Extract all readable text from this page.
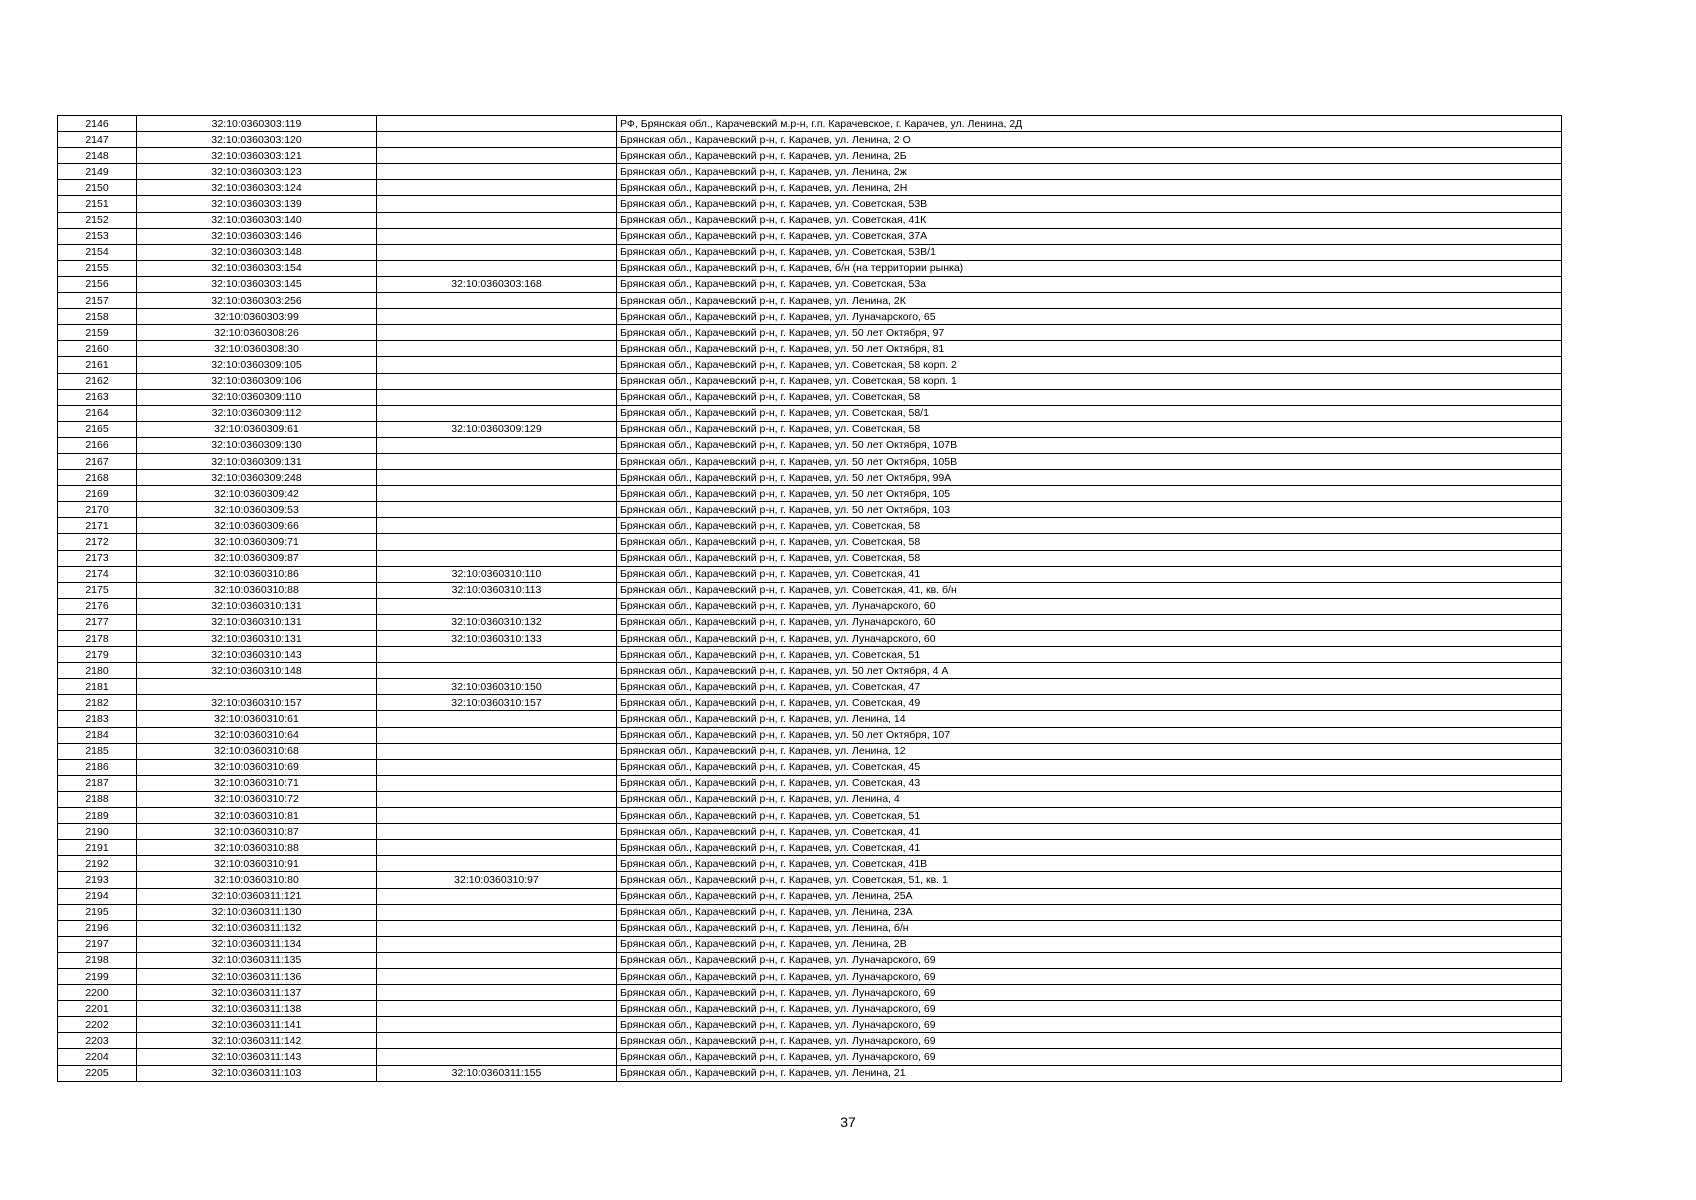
2146	32:10:0360303:119		РФ, Брянская обл., Карачевский м.р-н, г.п. Карачевское, г. Карачев, ул. Ленина, 2Д
2147	32:10:0360303:120		Брянская обл., Карачевский р-н, г. Карачев, ул. Ленина, 2 О
2148	32:10:0360303:121		Брянская обл., Карачевский р-н, г. Карачев, ул. Ленина, 2Б
2149	32:10:0360303:123		Брянская обл., Карачевский р-н, г. Карачев, ул. Ленина, 2ж
2150	32:10:0360303:124		Брянская обл., Карачевский р-н, г. Карачев, ул. Ленина, 2Н
2151	32:10:0360303:139		Брянская обл., Карачевский р-н, г. Карачев, ул. Советская, 53В
2152	32:10:0360303:140		Брянская обл., Карачевский р-н, г. Карачев, ул. Советская, 41К
2153	32:10:0360303:146		Брянская обл., Карачевский р-н, г. Карачев, ул. Советская, 37А
2154	32:10:0360303:148		Брянская обл., Карачевский р-н, г. Карачев, ул. Советская, 53В/1
2155	32:10:0360303:154		Брянская обл., Карачевский р-н, г. Карачев, б/н (на территории рынка)
2156	32:10:0360303:145	32:10:0360303:168	Брянская обл., Карачевский р-н, г. Карачев, ул. Советская, 53а
2157	32:10:0360303:256		Брянская обл., Карачевский р-н, г. Карачев, ул. Ленина, 2К
2158	32:10:0360303:99		Брянская обл., Карачевский р-н, г. Карачев, ул. Луначарского, 65
2159	32:10:0360308:26		Брянская обл., Карачевский р-н, г. Карачев, ул. 50 лет Октября, 97
2160	32:10:0360308:30		Брянская обл., Карачевский р-н, г. Карачев, ул. 50 лет Октября, 81
2161	32:10:0360309:105		Брянская обл., Карачевский р-н, г. Карачев, ул. Советская, 58 корп. 2
2162	32:10:0360309:106		Брянская обл., Карачевский р-н, г. Карачев, ул. Советская, 58 корп. 1
2163	32:10:0360309:110		Брянская обл., Карачевский р-н, г. Карачев, ул. Советская, 58
2164	32:10:0360309:112		Брянская обл., Карачевский р-н, г. Карачев, ул. Советская, 58/1
2165	32:10:0360309:61	32:10:0360309:129	Брянская обл., Карачевский р-н, г. Карачев, ул. Советская, 58
2166	32:10:0360309:130		Брянская обл., Карачевский р-н, г. Карачев, ул. 50 лет Октября, 107В
2167	32:10:0360309:131		Брянская обл., Карачевский р-н, г. Карачев, ул. 50 лет Октября, 105В
2168	32:10:0360309:248		Брянская обл., Карачевский р-н, г. Карачев, ул. 50 лет Октября, 99А
2169	32:10:0360309:42		Брянская обл., Карачевский р-н, г. Карачев, ул. 50 лет Октября, 105
2170	32:10:0360309:53		Брянская обл., Карачевский р-н, г. Карачев, ул. 50 лет Октября, 103
2171	32:10:0360309:66		Брянская обл., Карачевский р-н, г. Карачев, ул. Советская, 58
2172	32:10:0360309:71		Брянская обл., Карачевский р-н, г. Карачев, ул. Советская, 58
2173	32:10:0360309:87		Брянская обл., Карачевский р-н, г. Карачев, ул. Советская, 58
2174	32:10:0360310:86	32:10:0360310:110	Брянская обл., Карачевский р-н, г. Карачев, ул. Советская, 41
2175	32:10:0360310:88	32:10:0360310:113	Брянская обл., Карачевский р-н, г. Карачев, ул. Советская, 41, кв. б/н
2176	32:10:0360310:131		Брянская обл., Карачевский р-н, г. Карачев, ул. Луначарского, 60
2177	32:10:0360310:131	32:10:0360310:132	Брянская обл., Карачевский р-н, г. Карачев, ул. Луначарского, 60
2178	32:10:0360310:131	32:10:0360310:133	Брянская обл., Карачевский р-н, г. Карачев, ул. Луначарского, 60
2179	32:10:0360310:143		Брянская обл., Карачевский р-н, г. Карачев, ул. Советская, 51
2180	32:10:0360310:148		Брянская обл., Карачевский р-н, г. Карачев, ул. 50 лет Октября, 4 А
2181		32:10:0360310:150	Брянская обл., Карачевский р-н, г. Карачев, ул. Советская, 47
2182	32:10:0360310:157	32:10:0360310:157	Брянская обл., Карачевский р-н, г. Карачев, ул. Советская, 49
2183	32:10:0360310:61		Брянская обл., Карачевский р-н, г. Карачев, ул. Ленина, 14
2184	32:10:0360310:64		Брянская обл., Карачевский р-н, г. Карачев, ул. 50 лет Октября, 107
2185	32:10:0360310:68		Брянская обл., Карачевский р-н, г. Карачев, ул. Ленина, 12
2186	32:10:0360310:69		Брянская обл., Карачевский р-н, г. Карачев, ул. Советская, 45
2187	32:10:0360310:71		Брянская обл., Карачевский р-н, г. Карачев, ул. Советская, 43
2188	32:10:0360310:72		Брянская обл., Карачевский р-н, г. Карачев, ул. Ленина, 4
2189	32:10:0360310:81		Брянская обл., Карачевский р-н, г. Карачев, ул. Советская, 51
2190	32:10:0360310:87		Брянская обл., Карачевский р-н, г. Карачев, ул. Советская, 41
2191	32:10:0360310:88		Брянская обл., Карачевский р-н, г. Карачев, ул. Советская, 41
2192	32:10:0360310:91		Брянская обл., Карачевский р-н, г. Карачев, ул. Советская, 41В
2193	32:10:0360310:80	32:10:0360310:97	Брянская обл., Карачевский р-н, г. Карачев, ул. Советская, 51, кв. 1
2194	32:10:0360311:121		Брянская обл., Карачевский р-н, г. Карачев, ул. Ленина, 25А
2195	32:10:0360311:130		Брянская обл., Карачевский р-н, г. Карачев, ул. Ленина, 23А
2196	32:10:0360311:132		Брянская обл., Карачевский р-н, г. Карачев, ул. Ленина, б/н
2197	32:10:0360311:134		Брянская обл., Карачевский р-н, г. Карачев, ул. Ленина, 2В
2198	32:10:0360311:135		Брянская обл., Карачевский р-н, г. Карачев, ул. Луначарского, 69
2199	32:10:0360311:136		Брянская обл., Карачевский р-н, г. Карачев, ул. Луначарского, 69
2200	32:10:0360311:137		Брянская обл., Карачевский р-н, г. Карачев, ул. Луначарского, 69
2201	32:10:0360311:138		Брянская обл., Карачевский р-н, г. Карачев, ул. Луначарского, 69
2202	32:10:0360311:141		Брянская обл., Карачевский р-н, г. Карачев, ул. Луначарского, 69
2203	32:10:0360311:142		Брянская обл., Карачевский р-н, г. Карачев, ул. Луначарского, 69
2204	32:10:0360311:143		Брянская обл., Карачевский р-н, г. Карачев, ул. Луначарского, 69
2205	32:10:0360311:103	32:10:0360311:155	Брянская обл., Карачевский р-н, г. Карачев, ул. Ленина, 21
37
